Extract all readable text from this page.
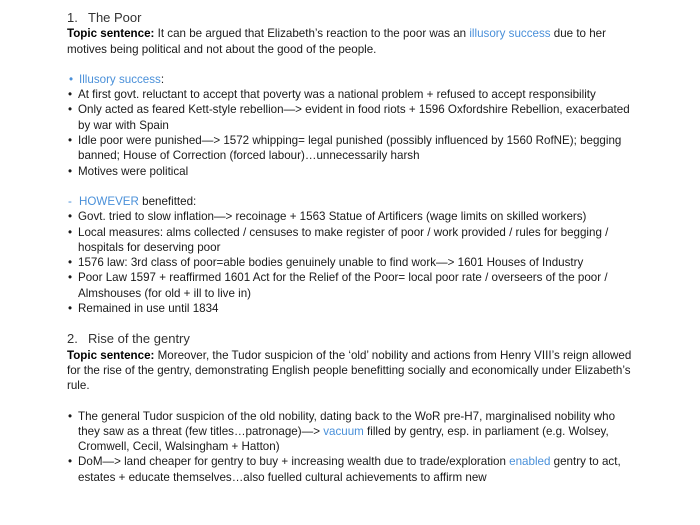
1. The Poor

Topic sentence: It can be argued that Elizabeth’s reaction to the poor was an illusory success due to her motives being political and not about the good of the people.

• Illusory success:

• At first govt. reluctant to accept that poverty was a national problem + refused to accept responsibility
• Only acted as feared Kett-style rebellion—> evident in food riots + 1596 Oxfordshire Rebellion, exacerbated by war with Spain
• Idle poor were punished—> 1572 whipping= legal punished (possibly influenced by 1560 RofNE); begging banned; House of Correction (forced labour)…unnecessarily harsh
• Motives were political

- HOWEVER benefitted:

• Govt. tried to slow inflation—> recoinage + 1563 Statue of Artificers (wage limits on skilled workers)
• Local measures: alms collected / censuses to make register of poor / work provided / rules for begging / hospitals for deserving poor
• 1576 law: 3rd class of poor=able bodies genuinely unable to find work—> 1601 Houses of Industry
• Poor Law 1597 + reaffirmed 1601 Act for the Relief of the Poor= local poor rate / overseers of the poor / Almshouses (for old + ill to live in)
• Remained in use until 1834

2. Rise of the gentry

Topic sentence: Moreover, the Tudor suspicion of the ‘old’ nobility and actions from Henry VIII’s reign allowed for the rise of the gentry, demonstrating English people benefitting socially and economically under Elizabeth’s rule.

• The general Tudor suspicion of the old nobility, dating back to the WoR pre-H7, marginalised nobility who they saw as a threat (few titles…patronage)—> vacuum filled by gentry, esp. in parliament (e.g. Wolsey, Cromwell, Cecil, Walsingham + Hatton)
• DoM—> land cheaper for gentry to buy + increasing wealth due to trade/exploration enabled gentry to act, estates + educate themselves…also fuelled cultural achievements to affirm new
